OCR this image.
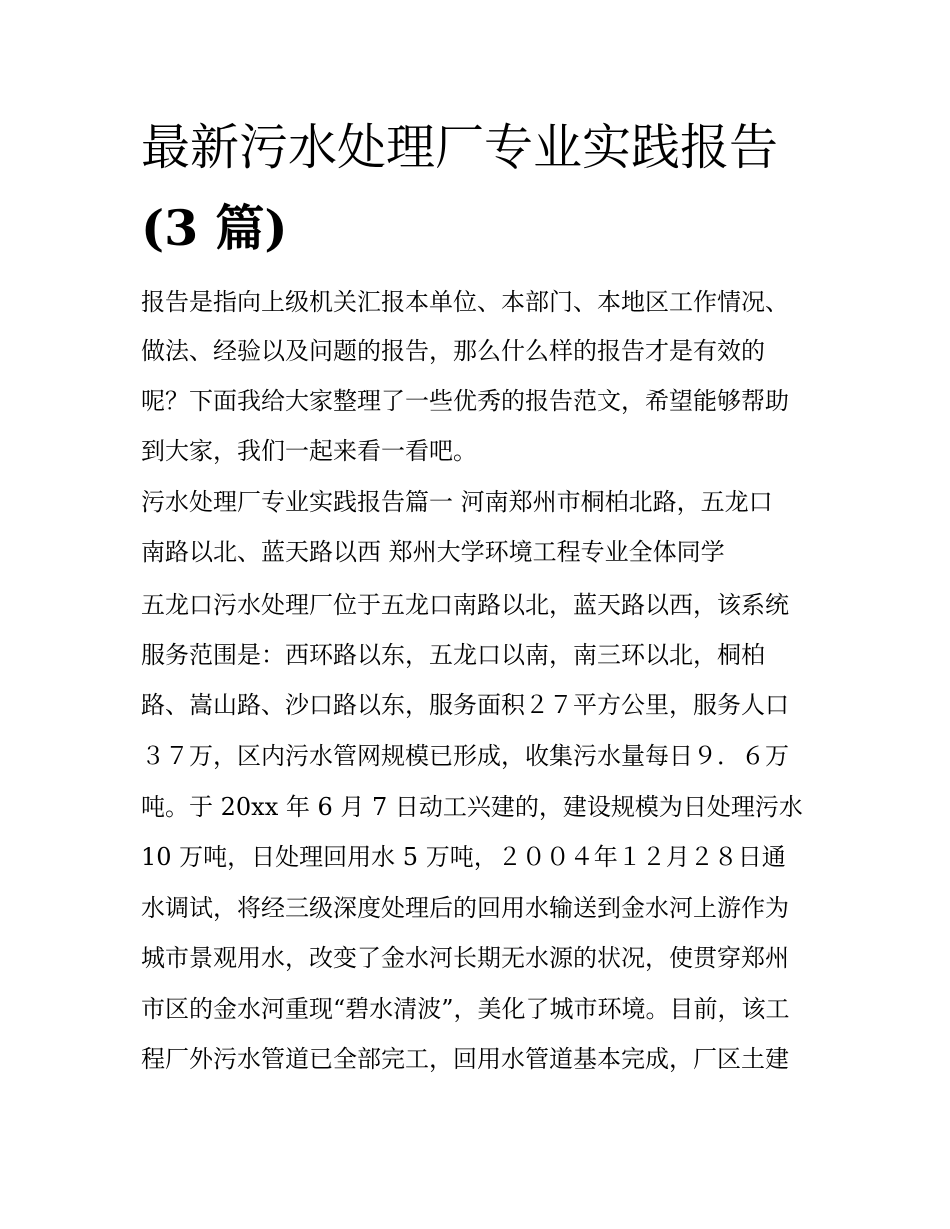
最新污水处理厂专业实践报告
(3 篇)

报告是指向上级机关汇报本单位、本部门、本地区工作情况、

做法、经验以及问题的报告，那么什么样的报告才是有效的

呢？下面我给大家整理了一些优秀的报告范文，希望能够帮助

到大家，我们一起来看一看吧。

污水处理厂专业实践报告篇一 河南郑州市桐柏北路，五龙口

南路以北、蓝天路以西 郑州大学环境工程专业全体同学

五龙口污水处理厂位于五龙口南路以北，蓝天路以西，该系统

服务范围是：西环路以东，五龙口以南，南三环以北，桐柏

路、嵩山路、沙口路以东，服务面积２７平方公里，服务人口

３７万，区内污水管网规模已形成，收集污水量每日９．６万

吨。于 20xx 年 6 月 7 日动工兴建的，建设规模为日处理污水

10 万吨，日处理回用水 5 万吨，２００４年１２月２８日通

水调试，将经三级深度处理后的回用水输送到金水河上游作为

城市景观用水，改变了金水河长期无水源的状况，使贯穿郑州

市区的金水河重现“碧水清波”，美化了城市环境。目前，该工

程厂外污水管道已全部完工，回用水管道基本完成，厂区土建
